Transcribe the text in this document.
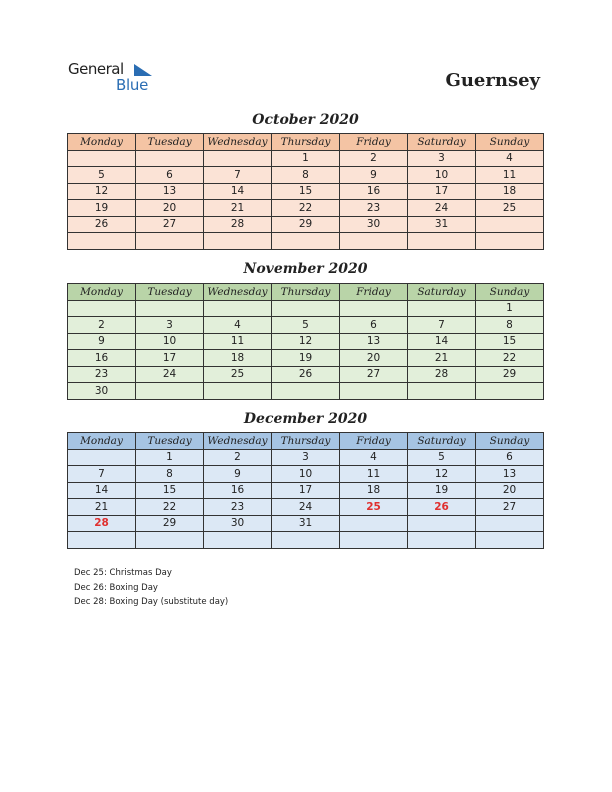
General
Blue	Guernsey
October 2020
Monday	Tuesday	Wednesday	Thursday	Friday	Saturday	Sunday
			1	2	3	4
5	6	7	8	9	10	11
12	13	14	15	16	17	18
19	20	21	22	23	24	25
26	27	28	29	30	31	

November 2020
Monday	Tuesday	Wednesday	Thursday	Friday	Saturday	Sunday
						1
2	3	4	5	6	7	8
9	10	11	12	13	14	15
16	17	18	19	20	21	22
23	24	25	26	27	28	29
30						
December 2020
Monday	Tuesday	Wednesday	Thursday	Friday	Saturday	Sunday
	1	2	3	4	5	6
7	8	9	10	11	12	13
14	15	16	17	18	19	20
21	22	23	24	25	26	27
28	29	30	31			

Dec 25: Christmas Day
Dec 26: Boxing Day
Dec 28: Boxing Day (substitute day)
